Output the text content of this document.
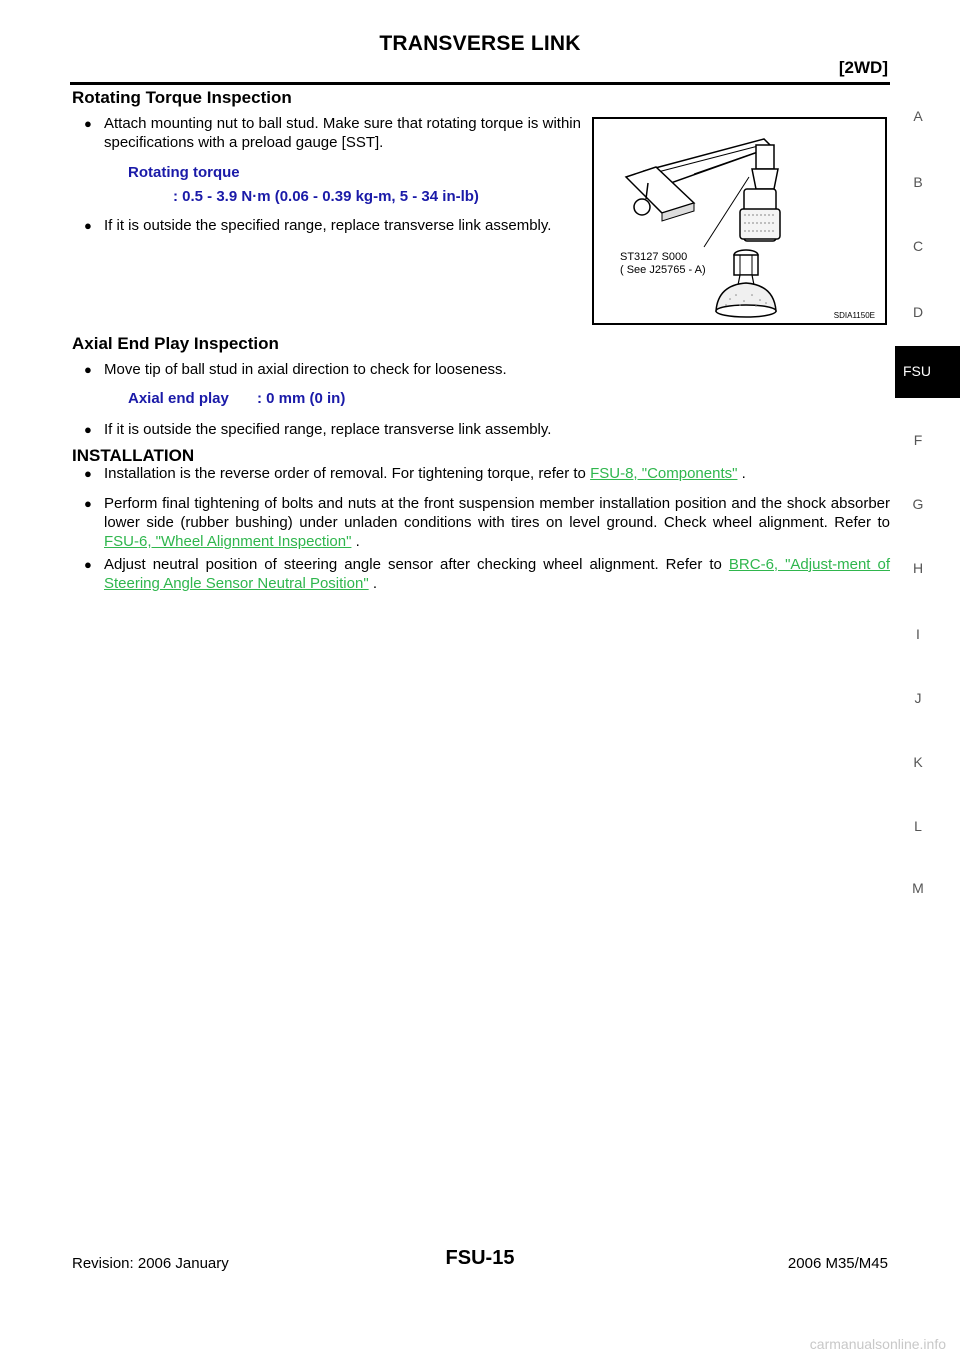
TRANSVERSE LINK
[2WD]
Rotating Torque Inspection
● Attach mounting nut to ball stud. Make sure that rotating torque is within specifications with a preload gauge [SST].
Rotating torque
: 0.5 - 3.9 N·m (0.06 - 0.39 kg-m, 5 - 34 in-lb)
● If it is outside the specified range, replace transverse link assembly.
ST3127 S000
( See J25765 - A)
SDIA1150E
Axial End Play Inspection
● Move tip of ball stud in axial direction to check for looseness.
Axial end play : 0 mm (0 in)
● If it is outside the specified range, replace transverse link assembly.
INSTALLATION
● Installation is the reverse order of removal. For tightening torque, refer to FSU-8, "Components" .
● Perform final tightening of bolts and nuts at the front suspension member installation position and the shock absorber lower side (rubber bushing) under unladen conditions with tires on level ground. Check wheel alignment. Refer to FSU-6, "Wheel Alignment Inspection" .
● Adjust neutral position of steering angle sensor after checking wheel alignment. Refer to BRC-6, "Adjust-ment of Steering Angle Sensor Neutral Position" .
A
B
C
D
FSU
F
G
H
I
J
K
L
M
Revision: 2006 January	FSU-15	2006 M35/M45
carmanualsonline.info
